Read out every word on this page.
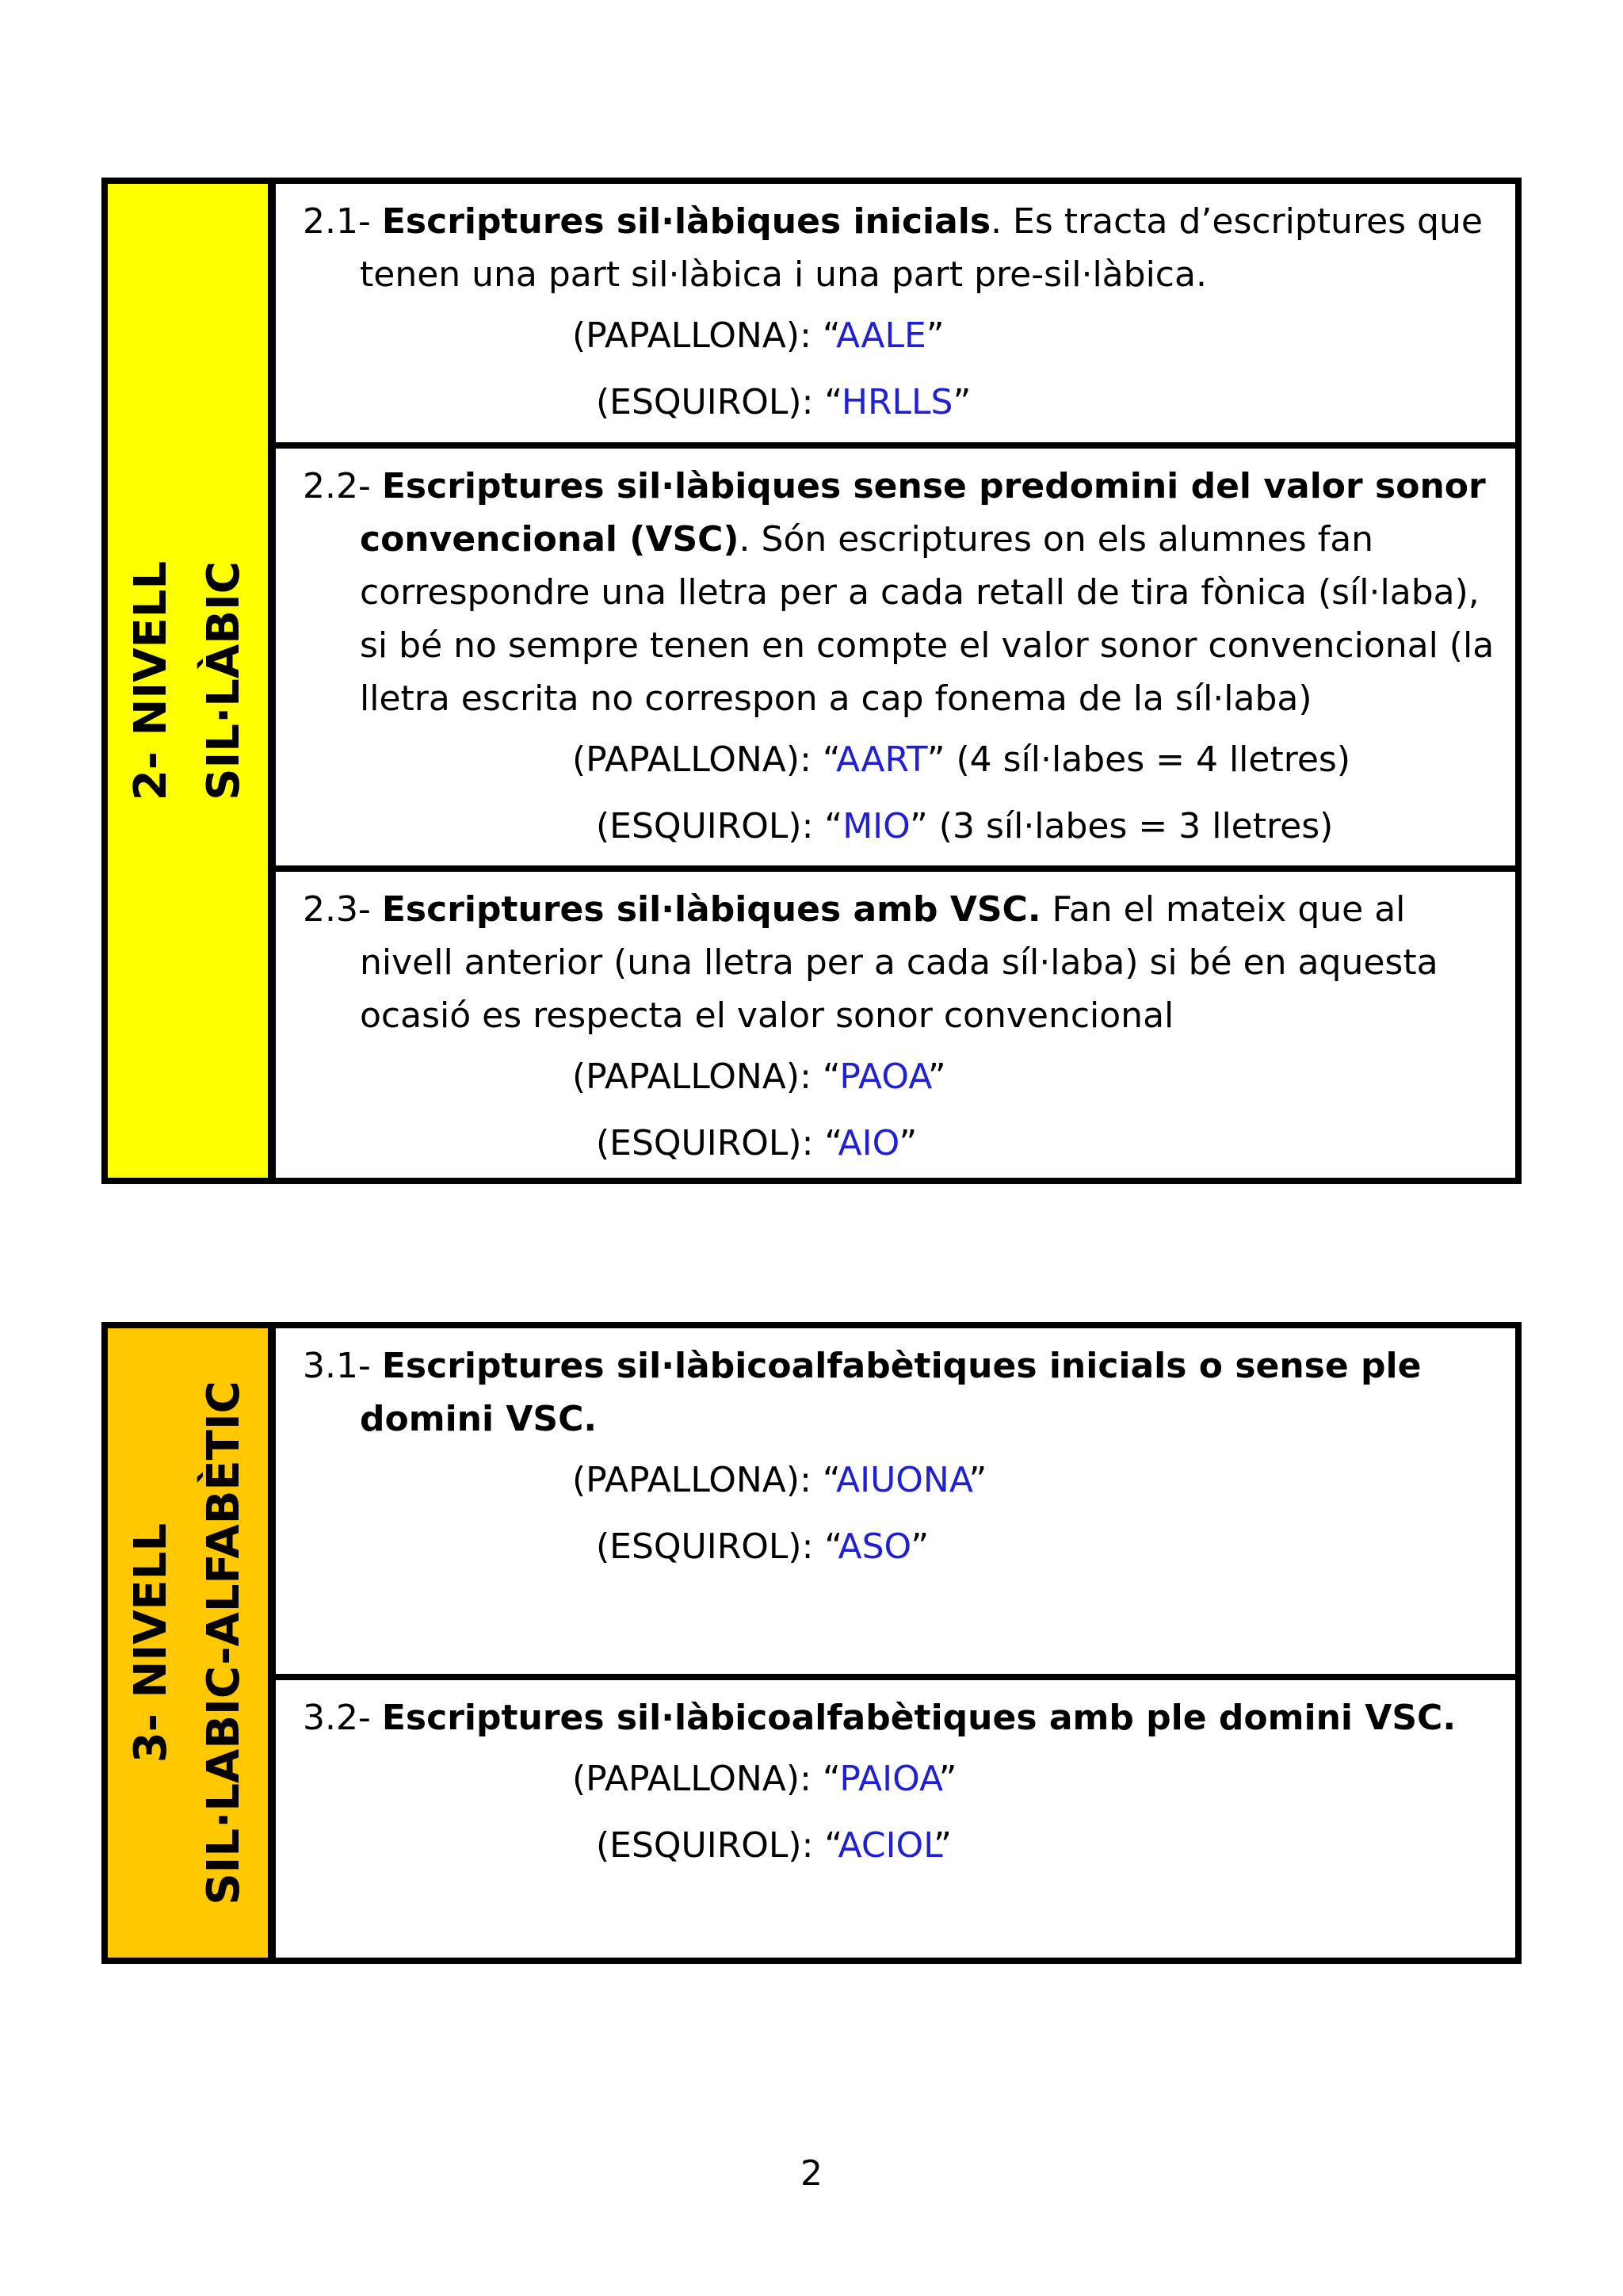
2- NIVELL SIL·LÀBIC

2.1- Escriptures sil·làbiques inicials. Es tracta d’escriptures que tenen una part sil·làbica i una part pre-sil·làbica.

(PAPALLONA): “AALE”

(ESQUIROL): “HRLLS”

2.2- Escriptures sil·làbiques sense predomini del valor sonor convencional (VSC). Són escriptures on els alumnes fan correspondre una lletra per a cada retall de tira fònica (síl·laba), si bé no sempre tenen en compte el valor sonor convencional (la lletra escrita no correspon a cap fonema de la síl·laba)

(PAPALLONA): “AART” (4 síl·labes = 4 lletres)

(ESQUIROL): “MIO” (3 síl·labes = 3 lletres)

2.3- Escriptures sil·làbiques amb VSC. Fan el mateix que al nivell anterior (una lletra per a cada síl·laba) si bé en aquesta ocasió es respecta el valor sonor convencional

(PAPALLONA): “PAOA”

(ESQUIROL): “AIO”

3- NIVELL SIL·LABIC-ALFABÈTIC

3.1- Escriptures sil·làbicoalfabètiques inicials o sense ple domini VSC.

(PAPALLONA): “AIUONA”

(ESQUIROL): “ASO”

3.2- Escriptures sil·làbicoalfabètiques amb ple domini VSC.

(PAPALLONA): “PAIOA”

(ESQUIROL): “ACIOL”

2
